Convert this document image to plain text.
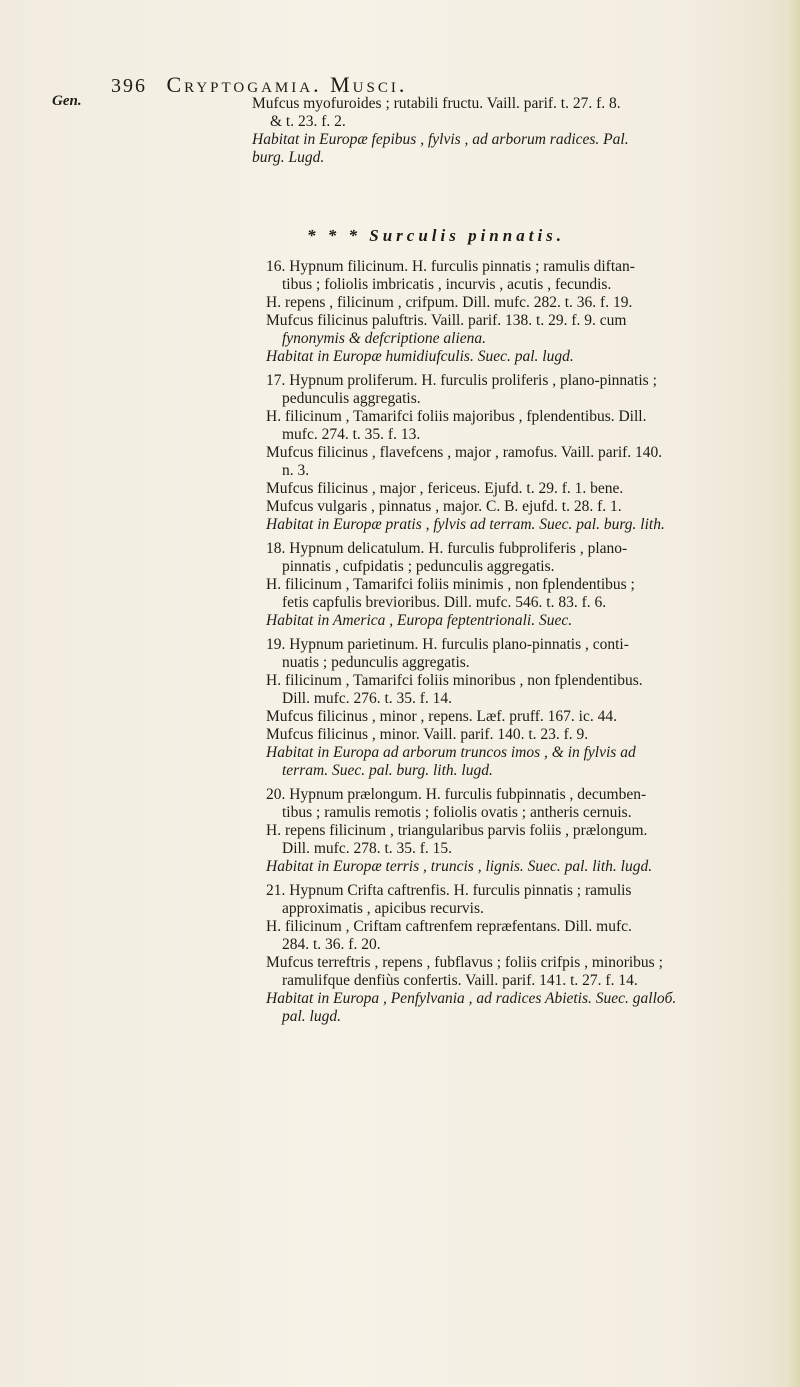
396 Cryptogamia. Musci.
Gen.
* * * Surculis pinnatis.
Mufcus myofuroides ; rutabili fructu. Vaill. parif. t. 27. f. 8.
& t. 23. f. 2.
Habitat in Europæ fepibus , fylvis , ad arborum radices. Pal.
burg. Lugd.
16. Hypnum filicinum. H. furculis pinnatis ; ramulis diftan-
tibus ; foliolis imbricatis , incurvis , acutis , fecundis.
H. repens , filicinum , crifpum. Dill. mufc. 282. t. 36. f. 19.
Mufcus filicinus paluftris. Vaill. parif. 138. t. 29. f. 9. cum
fynonymis & defcriptione aliena.
Habitat in Europæ humidiufculis. Suec. pal. lugd.
17. Hypnum proliferum. H. furculis proliferis , plano-pinnatis ;
pedunculis aggregatis.
H. filicinum , Tamarifci foliis majoribus , fplendentibus. Dill.
mufc. 274. t. 35. f. 13.
Mufcus filicinus , flavefcens , major , ramofus. Vaill. parif. 140.
n. 3.
Mufcus filicinus , major , fericeus. Ejufd. t. 29. f. 1. bene.
Mufcus vulgaris , pinnatus , major. C. B. ejufd. t. 28. f. 1.
Habitat in Europæ pratis , fylvis ad terram. Suec. pal. burg. lith.
18. Hypnum delicatulum. H. furculis fubproliferis , plano-
pinnatis , cufpidatis ; pedunculis aggregatis.
H. filicinum , Tamarifci foliis minimis , non fplendentibus ;
fetis capfulis brevioribus. Dill. mufc. 546. t. 83. f. 6.
Habitat in America , Europa feptentrionali. Suec.
19. Hypnum parietinum. H. furculis plano-pinnatis , conti-
nuatis ; pedunculis aggregatis.
H. filicinum , Tamarifci foliis minoribus , non fplendentibus.
Dill. mufc. 276. t. 35. f. 14.
Mufcus filicinus , minor , repens. Læf. pruff. 167. ic. 44.
Mufcus filicinus , minor. Vaill. parif. 140. t. 23. f. 9.
Habitat in Europa ad arborum truncos imos , & in fylvis ad
terram. Suec. pal. burg. lith. lugd.
20. Hypnum prælongum. H. furculis fubpinnatis , decumben-
tibus ; ramulis remotis ; foliolis ovatis ; antheris cernuis.
H. repens filicinum , triangularibus parvis foliis , prælongum.
Dill. mufc. 278. t. 35. f. 15.
Habitat in Europæ terris , truncis , lignis. Suec. pal. lith. lugd.
21. Hypnum Crifta caftrenfis. H. furculis pinnatis ; ramulis
approximatis , apicibus recurvis.
H. filicinum , Criftam caftrenfem repræfentans. Dill. mufc.
284. t. 36. f. 20.
Mufcus terreftris , repens , fubflavus ; foliis crifpis , minoribus ;
ramulifque denfiùs confertis. Vaill. parif. 141. t. 27. f. 14.
Habitat in Europa , Penfylvania , ad radices Abietis. Suec. galloб.
pal. lugd.
